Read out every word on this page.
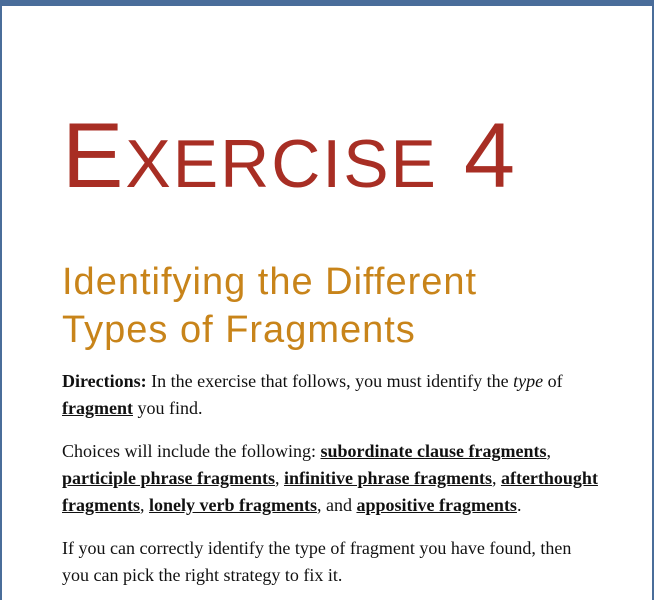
EXERCISE 4
Identifying the Different
Types of Fragments

Directions: In the exercise that follows, you must identify the type of
fragment you find.

Choices will include the following: subordinate clause fragments,
participle phrase fragments, infinitive phrase fragments, afterthought fragments, lonely verb fragments, and appositive fragments.

If you can correctly identify the type of fragment you have found, then you can pick the right strategy to fix it.
